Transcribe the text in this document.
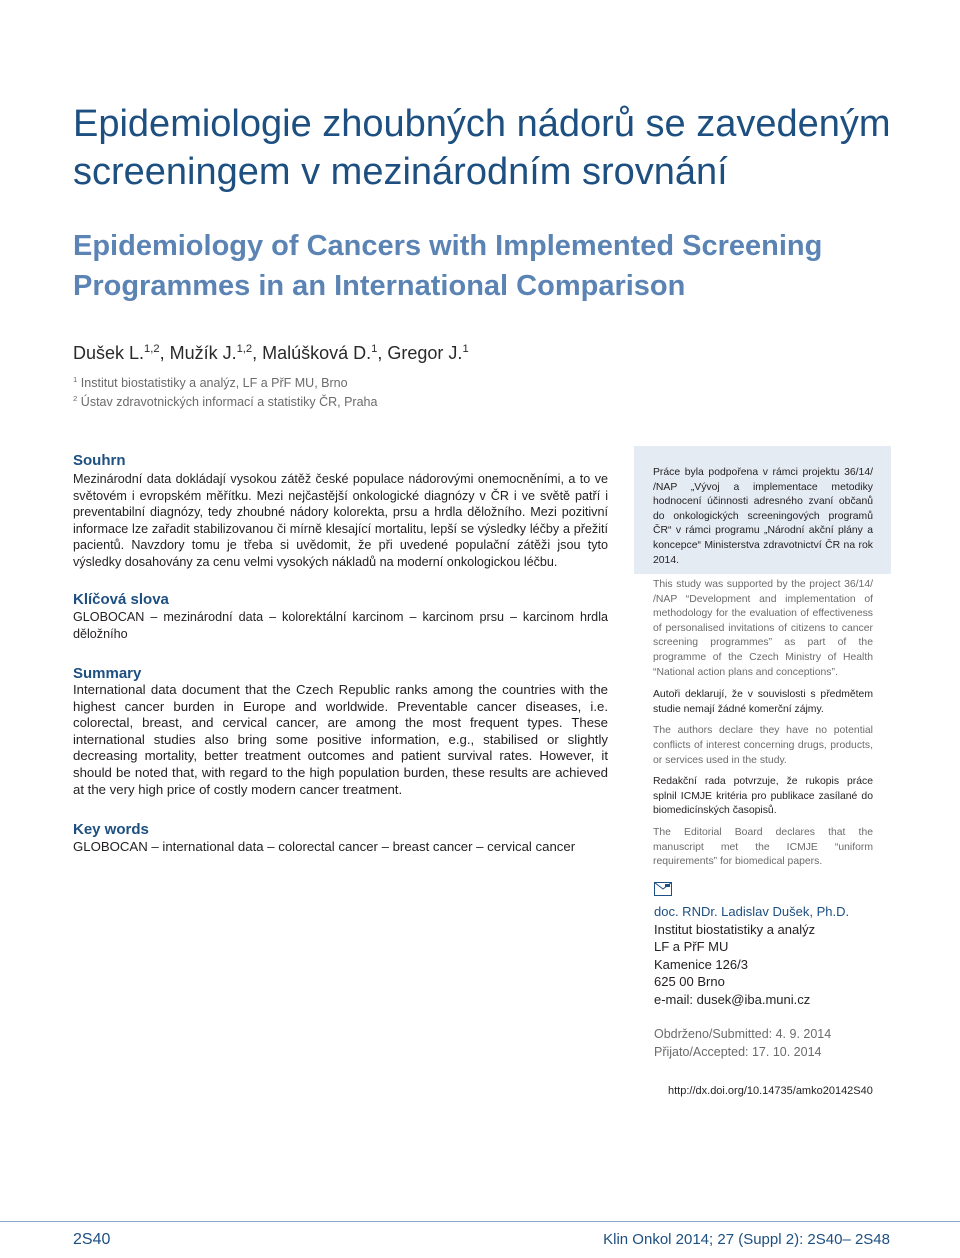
Epidemiologie zhoubných nádorů se zavedeným screeningem v mezinárodním srovnání
Epidemiology of Cancers with Implemented Screening Programmes in an International Comparison
Dušek L.$^{1,2}$, Mužík J.$^{1,2}$, Malúšková D.$^1$, Gregor J.$^1$
$^1$ Institut biostatistiky a analýz, LF a PřF MU, Brno
$^2$ Ústav zdravotnických informací a statistiky ČR, Praha
Souhrn
Mezinárodní data dokládají vysokou zátěž české populace nádorovými onemocněními, a to ve světovém i evropském měřítku. Mezi nejčastější onkologické diagnózy v ČR i ve světě patří i preventabilní diagnózy, tedy zhoubné nádory kolorekta, prsu a hrdla děložního. Mezi pozitivní informace lze zařadit stabilizovanou či mírně klesající mortalitu, lepší se výsledky léčby a přežití pacientů. Navzdory tomu je třeba si uvědomit, že při uvedené populační zátěži jsou tyto výsledky dosahovány za cenu velmi vysokých nákladů na moderní onkologickou léčbu.
Klíčová slova
GLOBOCAN – mezinárodní data – kolorektální karcinom – karcinom prsu – karcinom hrdla děložního
Summary
International data document that the Czech Republic ranks among the countries with the highest cancer burden in Europe and worldwide. Preventable cancer diseases, i.e. colorectal, breast, and cervical cancer, are among the most frequent types. These international studies also bring some positive information, e.g., stabilised or slightly decreasing mortality, better treatment outcomes and patient survival rates. However, it should be noted that, with regard to the high population burden, these results are achieved at the very high price of costly modern cancer treatment.
Key words
GLOBOCAN – international data – colorectal cancer – breast cancer – cervical cancer

Práce byla podpořena v rámci projektu 36/14/ /NAP „Vývoj a implementace metodiky hodnocení účinnosti adresného zvaní občanů do onkologických screeningových programů ČR“ v rámci programu „Národní akční plány a koncepce“ Ministerstva zdravotnictví ČR na rok 2014.

This study was supported by the project 36/14/ /NAP “Development and implementation of methodology for the evaluation of effectiveness of personalised invitations of citizens to cancer screening programmes” as part of the programme of the Czech Ministry of Health “National action plans and conceptions”.

Autoři deklarují, že v souvislosti s předmětem studie nemají žádné komerční zájmy.

The authors declare they have no potential conflicts of interest concerning drugs, products, or services used in the study.

Redakční rada potvrzuje, že rukopis práce splnil ICMJE kritéria pro publikace zasílané do biomedicínských časopisů.

The Editorial Board declares that the manuscript met the ICMJE “uniform requirements” for biomedical papers.

doc. RNDr. Ladislav Dušek, Ph.D.
Institut biostatistiky a analýz
LF a PřF MU
Kamenice 126/3
625 00 Brno
e-mail: dusek@iba.muni.cz
Obdrženo/Submitted: 4. 9. 2014
Přijato/Accepted: 17. 10. 2014
http://dx.doi.org/10.14735/amko20142S40
2S40	Klin Onkol 2014; 27 (Suppl 2): 2S40– 2S48
